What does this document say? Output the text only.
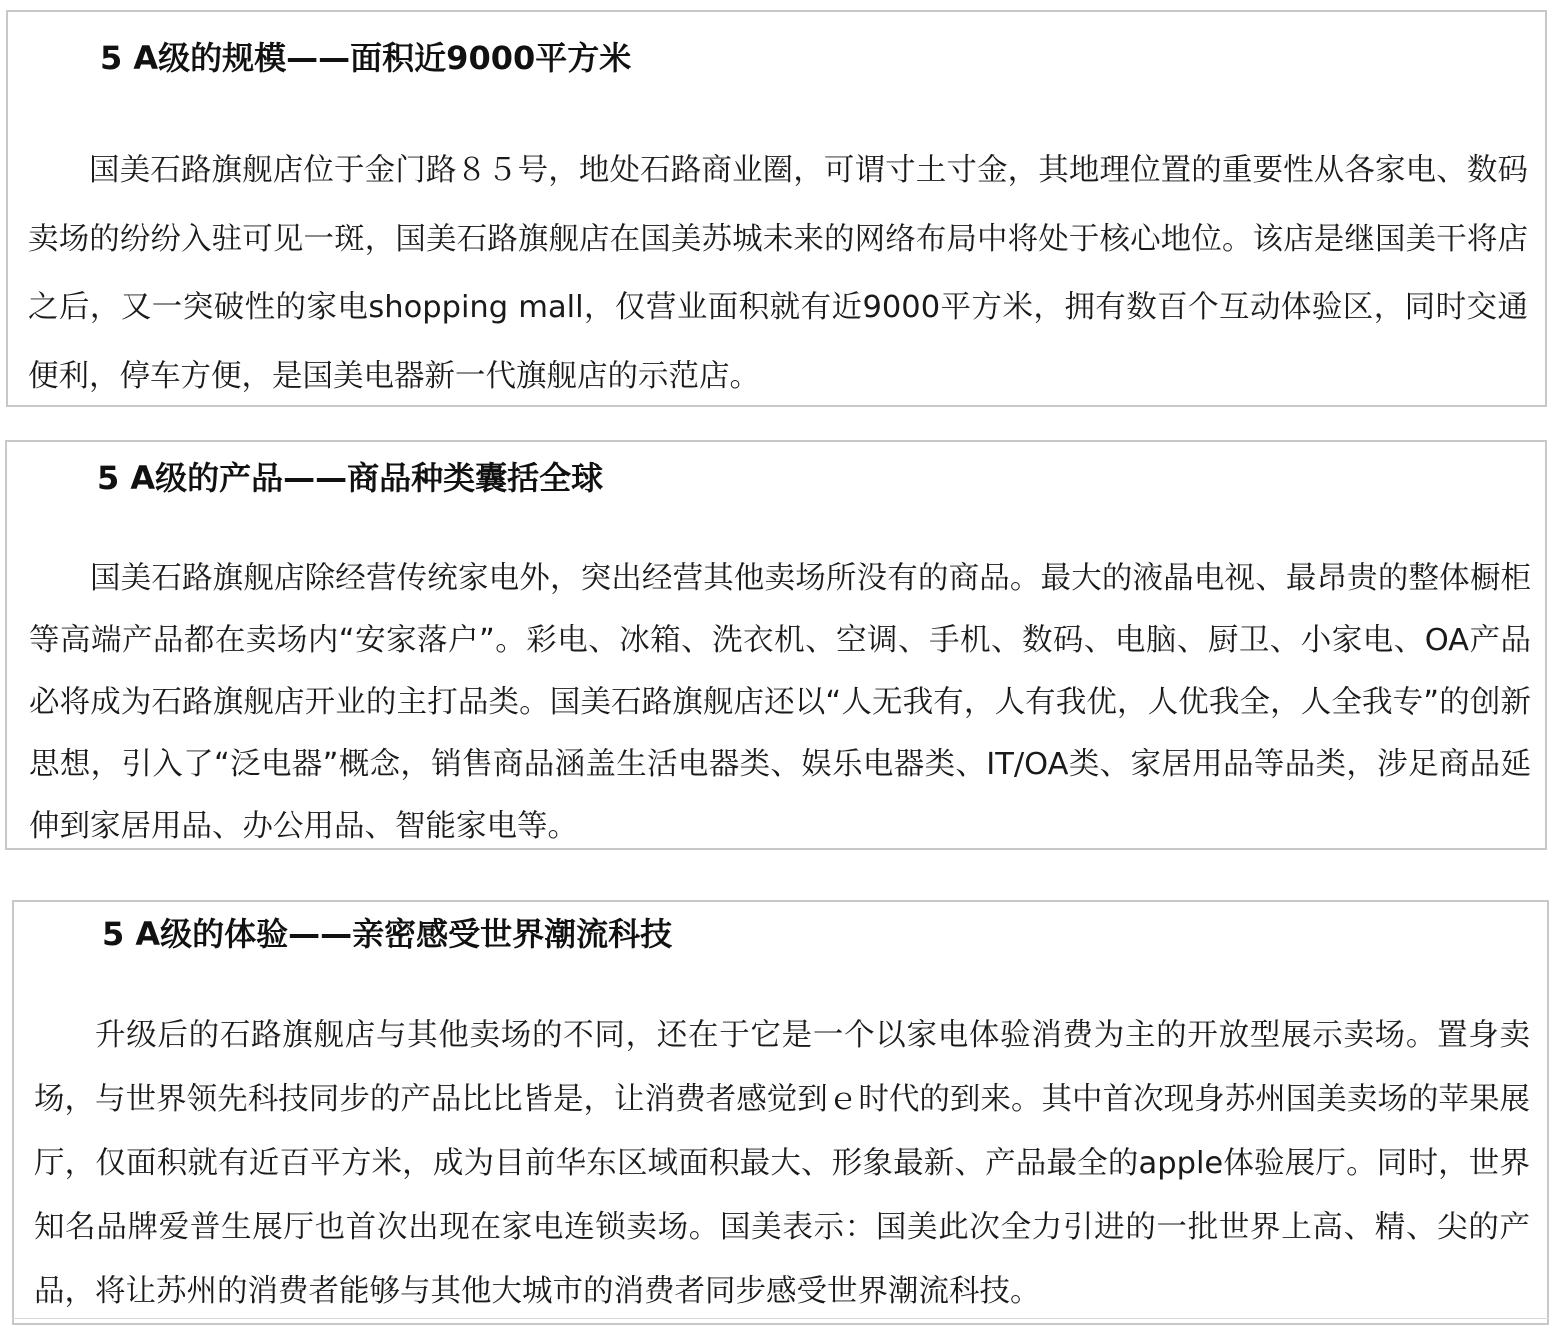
5 A级的规模——面积近9000平方米

国美石路旗舰店位于金门路８５号，地处石路商业圈，可谓寸土寸金，其地理位置的重要性从各家电、数码卖场的纷纷入驻可见一斑，国美石路旗舰店在国美苏城未来的网络布局中将处于核心地位。该店是继国美干将店之后，又一突破性的家电shopping mall，仅营业面积就有近9000平方米，拥有数百个互动体验区，同时交通便利，停车方便，是国美电器新一代旗舰店的示范店。

5 A级的产品——商品种类囊括全球

国美石路旗舰店除经营传统家电外，突出经营其他卖场所没有的商品。最大的液晶电视、最昂贵的整体橱柜等高端产品都在卖场内“安家落户”。彩电、冰箱、洗衣机、空调、手机、数码、电脑、厨卫、小家电、OA产品必将成为石路旗舰店开业的主打品类。国美石路旗舰店还以“人无我有，人有我优，人优我全，人全我专”的创新思想，引入了“泛电器”概念，销售商品涵盖生活电器类、娱乐电器类、IT/OA类、家居用品等品类，涉足商品延伸到家居用品、办公用品、智能家电等。

5 A级的体验——亲密感受世界潮流科技

升级后的石路旗舰店与其他卖场的不同，还在于它是一个以家电体验消费为主的开放型展示卖场。置身卖场，与世界领先科技同步的产品比比皆是，让消费者感觉到ｅ时代的到来。其中首次现身苏州国美卖场的苹果展厅，仅面积就有近百平方米，成为目前华东区域面积最大、形象最新、产品最全的apple体验展厅。同时，世界知名品牌爱普生展厅也首次出现在家电连锁卖场。国美表示：国美此次全力引进的一批世界上高、精、尖的产品，将让苏州的消费者能够与其他大城市的消费者同步感受世界潮流科技。
